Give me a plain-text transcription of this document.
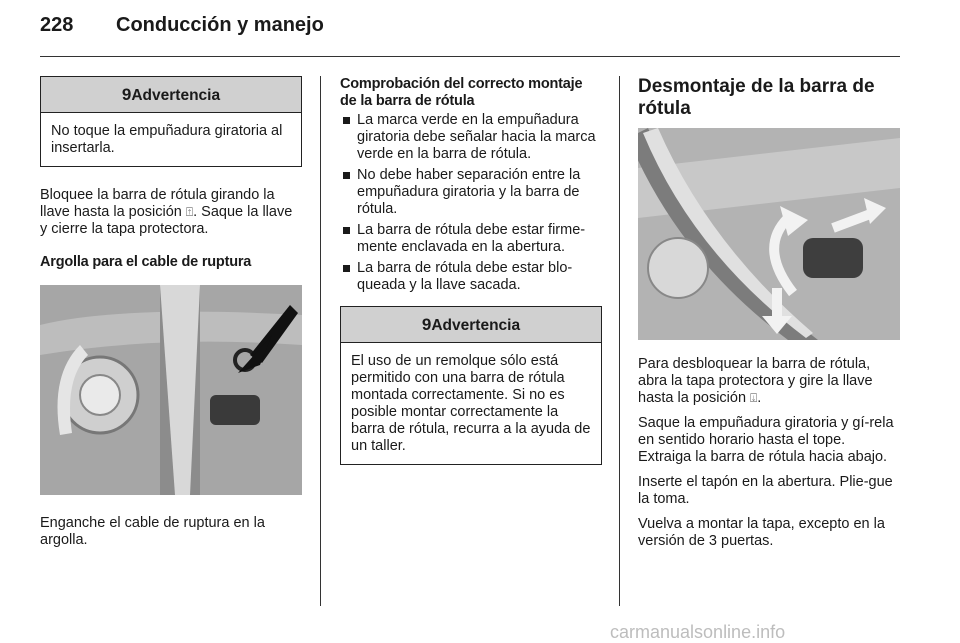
228 Conducción y manejo
9Advertencia
No toque la empuñadura giratoria al insertarla.

Bloquee la barra de rótula girando la llave hasta la posición ⍐. Saque la llave y cierre la tapa protectora.

Argolla para el cable de ruptura

Enganche el cable de ruptura en la argolla.

Comprobación del correcto montaje de la barra de rótula

La marca verde en la empuñadura giratoria debe señalar hacia la marca verde en la barra de rótula.
No debe haber separación entre la empuñadura giratoria y la barra de rótula.
La barra de rótula debe estar firme-mente enclavada en la abertura.
La barra de rótula debe estar blo-queada y la llave sacada.
9Advertencia
El uso de un remolque sólo está permitido con una barra de rótula montada correctamente. Si no es posible montar correctamente la barra de rótula, recurra a la ayuda de un taller.

Desmontaje de la barra de rótula

Para desbloquear la barra de rótula, abra la tapa protectora y gire la llave hasta la posición ⍗.

Saque la empuñadura giratoria y gí-rela en sentido horario hasta el tope. Extraiga la barra de rótula hacia abajo.

Inserte el tapón en la abertura. Plie-gue la toma.

Vuelva a montar la tapa, excepto en la versión de 3 puertas.

carmanualsonline.info
